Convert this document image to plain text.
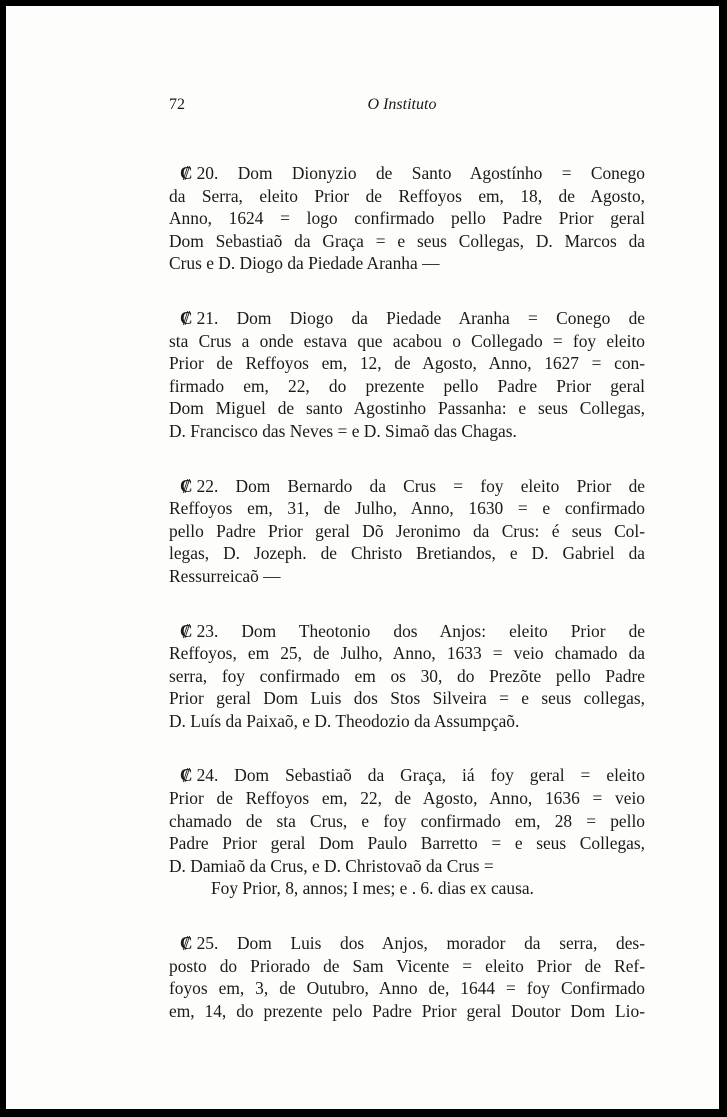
72	O Instituto
₡ 20. Dom Dionyzio de Santo Agostínho = Conego
da Serra, eleito Prior de Reffoyos em, 18, de Agosto,
Anno, 1624 = logo confirmado pello Padre Prior geral
Dom Sebastiaõ da Graça = e seus Collegas, D. Marcos da
Crus e D. Diogo da Piedade Aranha —
₡ 21. Dom Diogo da Piedade Aranha = Conego de
sta Crus a onde estava que acabou o Collegado = foy eleito
Prior de Reffoyos em, 12, de Agosto, Anno, 1627 = con-
firmado em, 22, do prezente pello Padre Prior geral
Dom Miguel de santo Agostinho Passanha: e seus Collegas,
D. Francisco das Neves = e D. Simaõ das Chagas.
₡ 22. Dom Bernardo da Crus = foy eleito Prior de
Reffoyos em, 31, de Julho, Anno, 1630 = e confirmado
pello Padre Prior geral Dõ Jeronimo da Crus: é seus Col-
legas, D. Jozeph. de Christo Bretiandos, e D. Gabriel da
Ressurreicaõ —
₡ 23. Dom Theotonio dos Anjos: eleito Prior de
Reffoyos, em 25, de Julho, Anno, 1633 = veio chamado da
serra, foy confirmado em os 30, do Prezõte pello Padre
Prior geral Dom Luis dos Stos Silveira = e seus collegas,
D. Luís da Paixaõ, e D. Theodozio da Assumpçaõ.
₡ 24. Dom Sebastiaõ da Graça, iá foy geral = eleito
Prior de Reffoyos em, 22, de Agosto, Anno, 1636 = veio
chamado de sta Crus, e foy confirmado em, 28 = pello
Padre Prior geral Dom Paulo Barretto = e seus Collegas,
D. Damiaõ da Crus, e D. Christovaõ da Crus =
Foy Prior, 8, annos; I mes; e . 6. dias ex causa.
₡ 25. Dom Luis dos Anjos, morador da serra, des-
posto do Priorado de Sam Vicente = eleito Prior de Ref-
foyos em, 3, de Outubro, Anno de, 1644 = foy Confirmado
em, 14, do prezente pelo Padre Prior geral Doutor Dom Lio-
